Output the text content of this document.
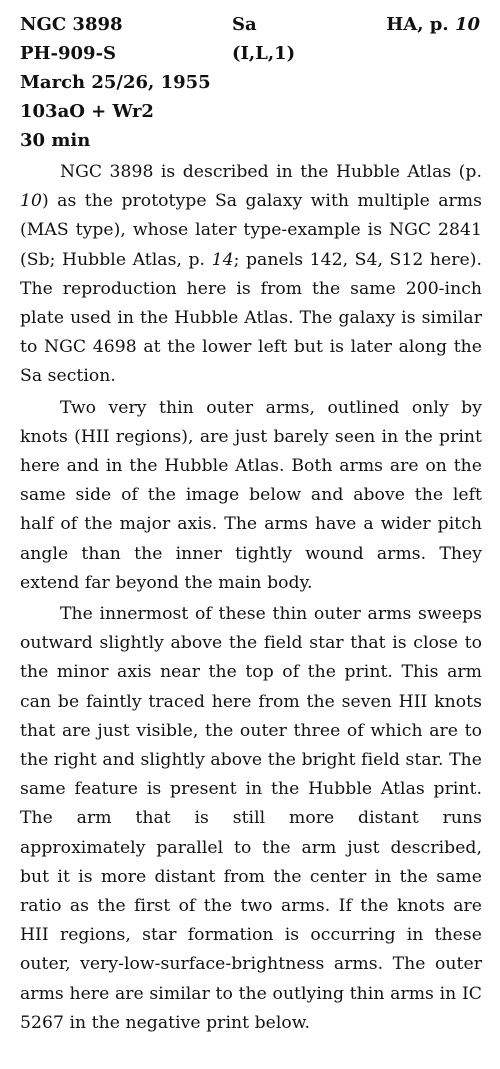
NGC 3898	Sa	HA, p. 10
PH-909-S	(I,L,1)
March 25/26, 1955
103aO + Wr2
30 min

NGC 3898 is described in the Hubble Atlas (p. 10) as the prototype Sa galaxy with multiple arms (MAS type), whose later type-example is NGC 2841 (Sb; Hubble Atlas, p. 14; panels 142, S4, S12 here). The reproduction here is from the same 200-inch plate used in the Hubble Atlas. The galaxy is similar to NGC 4698 at the lower left but is later along the Sa section.

Two very thin outer arms, outlined only by knots (HII regions), are just barely seen in the print here and in the Hubble Atlas. Both arms are on the same side of the image below and above the left half of the major axis. The arms have a wider pitch angle than the inner tightly wound arms. They extend far beyond the main body.

The innermost of these thin outer arms sweeps outward slightly above the field star that is close to the minor axis near the top of the print. This arm can be faintly traced here from the seven HII knots that are just visible, the outer three of which are to the right and slightly above the bright field star. The same feature is present in the Hubble Atlas print. The arm that is still more distant runs approximately parallel to the arm just described, but it is more distant from the center in the same ratio as the first of the two arms. If the knots are HII regions, star formation is occurring in these outer, very-low-surface-brightness arms. The outer arms here are similar to the outlying thin arms in IC 5267 in the negative print below.
